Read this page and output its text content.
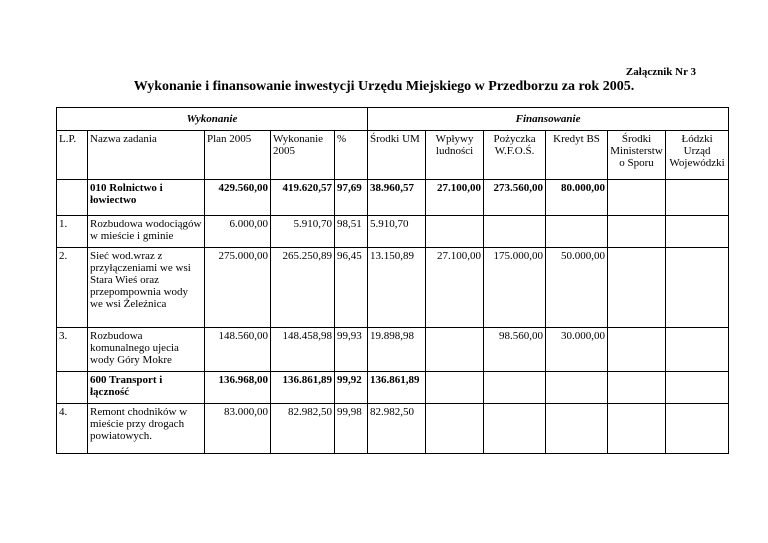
Załącznik Nr 3
Wykonanie i finansowanie inwestycji Urzędu Miejskiego w Przedborzu za rok 2005.
Wykonanie					Finansowanie					
L.P.	Nazwa zadania	Plan 2005	Wykonanie 2005	%	Środki UM	Wpływy ludności	Pożyczka W.F.O.Ś.	Kredyt BS	Środki Ministerstw o Sporu	Łódzki Urząd Wojewódzki
	010 Rolnictwo i łowiectwo	429.560,00	419.620,57	97,69	38.960,57	27.100,00	273.560,00	80.000,00		
1.	Rozbudowa wodociągów w mieście i gminie	6.000,00	5.910,70	98,51	5.910,70					
2.	Sieć wod.wraz z przyłączeniami we wsi Stara Wieś oraz przepompownia wody we wsi Żeleźnica	275.000,00	265.250,89	96,45	13.150,89	27.100,00	175.000,00	50.000,00		
3.	Rozbudowa komunalnego ujecia wody Góry Mokre	148.560,00	148.458,98	99,93	19.898,98		98.560,00	30.000,00		
	600 Transport i łączność	136.968,00	136.861,89	99,92	136.861,89					
4.	Remont chodników w mieście przy drogach powiatowych.	83.000,00	82.982,50	99,98	82.982,50					
